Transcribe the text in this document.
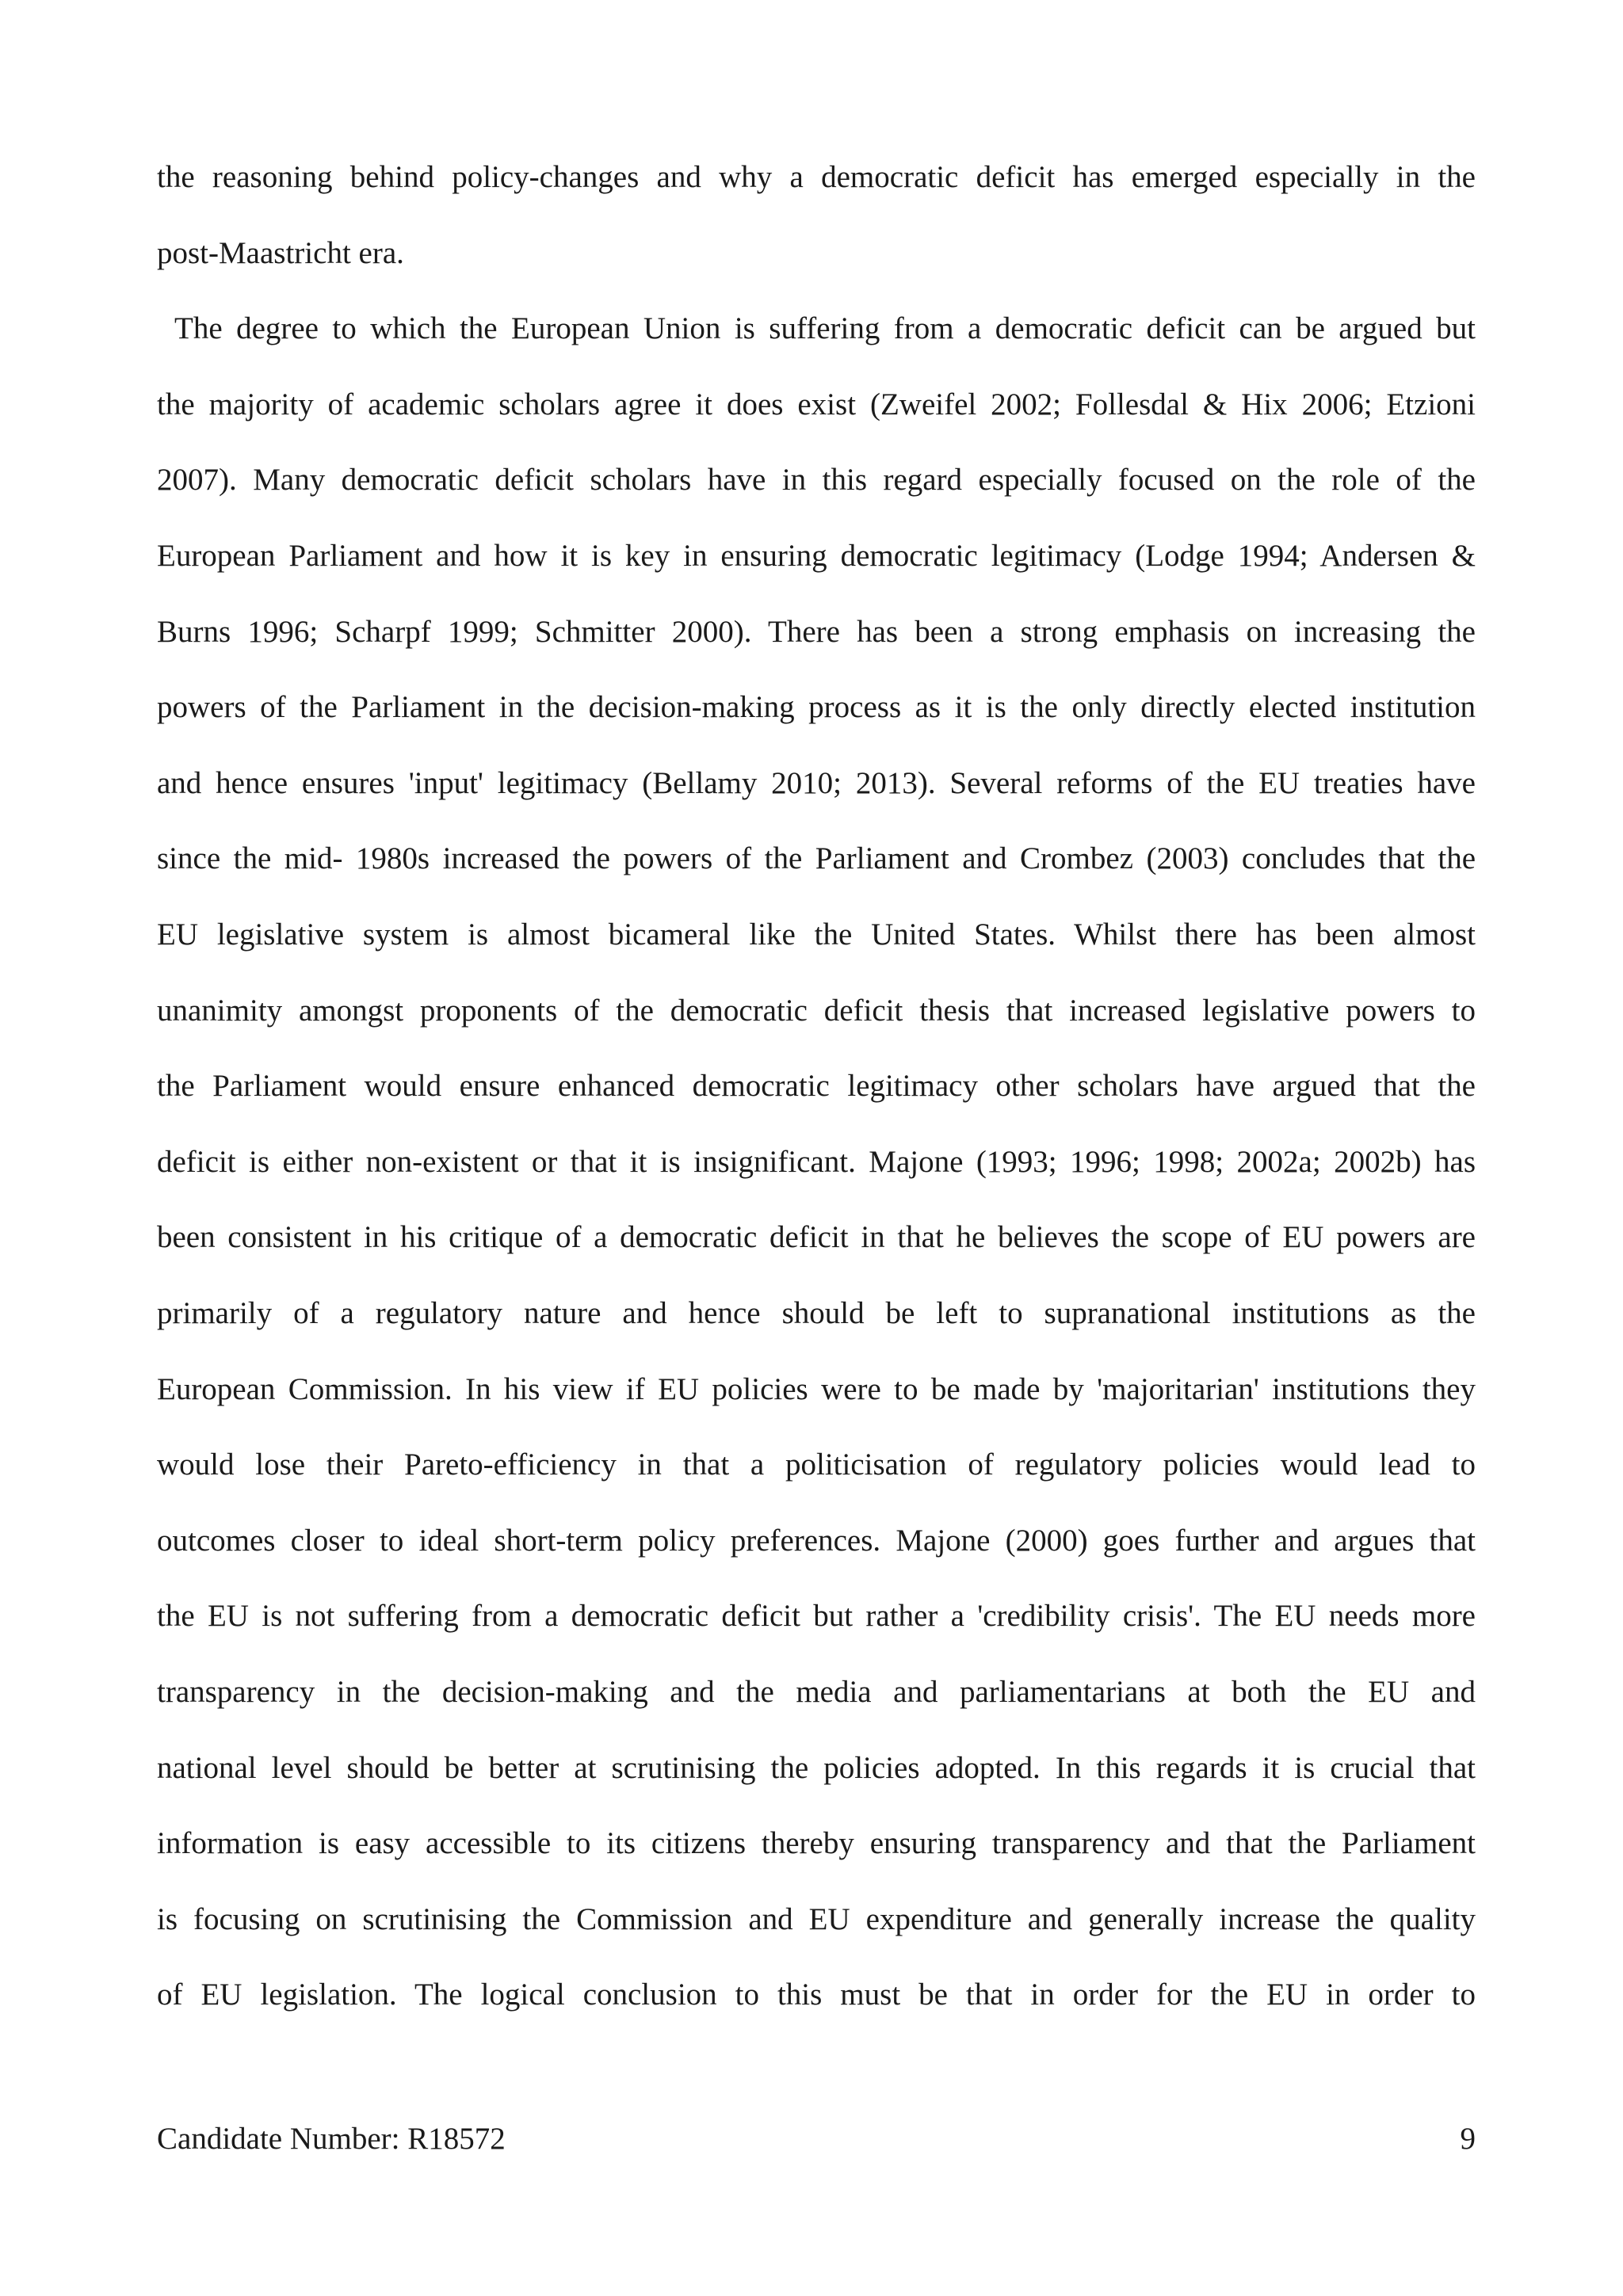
the reasoning behind policy-changes and why a democratic deficit has emerged especially in the
post-Maastricht era.
The degree to which the European Union is suffering from a democratic deficit can be argued but
the majority of academic scholars agree it does exist (Zweifel 2002; Follesdal & Hix 2006; Etzioni
2007). Many democratic deficit scholars have in this regard especially focused on the role of the
European Parliament and how it is key in ensuring democratic legitimacy (Lodge 1994; Andersen &
Burns 1996; Scharpf 1999; Schmitter 2000). There has been a strong emphasis on increasing the
powers of the Parliament in the decision-making process as it is the only directly elected institution
and hence ensures 'input' legitimacy (Bellamy 2010; 2013). Several reforms of the EU treaties have
since the mid- 1980s increased the powers of the Parliament and Crombez (2003) concludes that the
EU legislative system is almost bicameral like the United States. Whilst there has been almost
unanimity amongst proponents of the democratic deficit thesis that increased legislative powers to
the Parliament would ensure enhanced democratic legitimacy other scholars have argued that the
deficit is either non-existent or that it is insignificant. Majone (1993; 1996; 1998; 2002a; 2002b) has
been consistent in his critique of a democratic deficit in that he believes the scope of EU powers are
primarily of a regulatory nature and hence should be left to supranational institutions as the
European Commission. In his view if EU policies were to be made by 'majoritarian' institutions they
would lose their Pareto-efficiency in that a politicisation of regulatory policies would lead to
outcomes closer to ideal short-term policy preferences. Majone (2000) goes further and argues that
the EU is not suffering from a democratic deficit but rather a 'credibility crisis'. The EU needs more
transparency in the decision-making and the media and parliamentarians at both the EU and
national level should be better at scrutinising the policies adopted. In this regards it is crucial that
information is easy accessible to its citizens thereby ensuring transparency and that the Parliament
is focusing on scrutinising the Commission and EU expenditure and generally increase the quality
of EU legislation. The logical conclusion to this must be that in order for the EU in order to
Candidate Number: R18572	9
